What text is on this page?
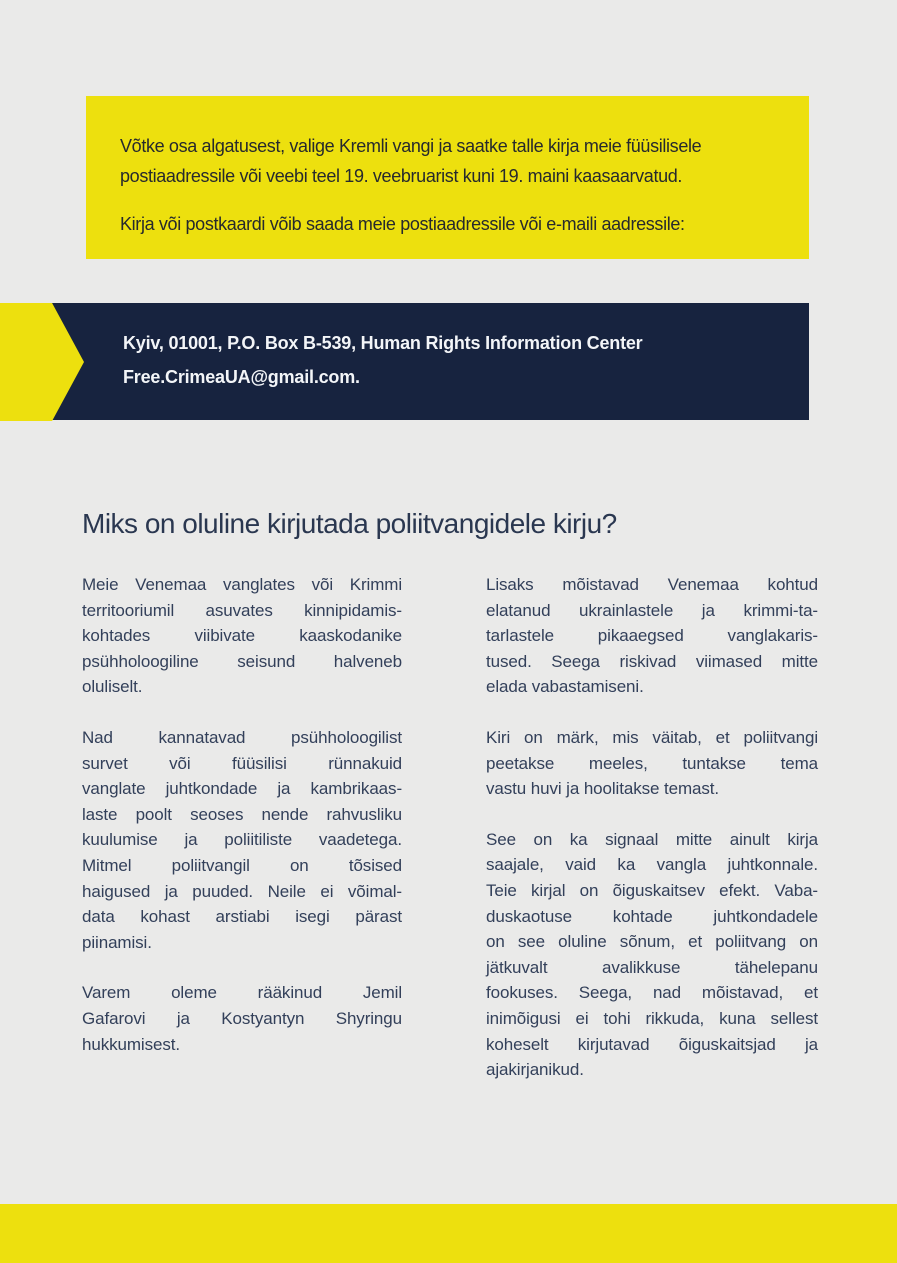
Võtke osa algatusest, valige Kremli vangi ja saatke talle kirja meie füüsilisele
postiaadressile või veebi teel 19. veebruarist kuni 19. maini kaasaarvatud.
Kirja või postkaardi võib saada meie postiaadressile või e-maili aadressile:
Kyiv, 01001, P.O. Box B-539, Human Rights Information Center
Free.CrimeaUA@gmail.com.
Miks on oluline kirjutada poliitvangidele kirju?
Meie Venemaa vanglates või Krimmi
territooriumil asuvates kinnipidamis-
kohtades viibivate kaaskodanike
psühholoogiline seisund halveneb
oluliselt.
Nad kannatavad psühholoogilist
survet või füüsilisi rünnakuid
vanglate juhtkondade ja kambrikaas-
laste poolt seoses nende rahvusliku
kuulumise ja poliitiliste vaadetega.
Mitmel poliitvangil on tõsised
haigused ja puuded. Neile ei võimal-
data kohast arstiabi isegi pärast
piinamisi.
Varem oleme rääkinud Jemil
Gafarovi ja Kostyantyn Shyringu
hukkumisest.
Lisaks mõistavad Venemaa kohtud
elatanud ukrainlastele ja krimmi-ta-
tarlastele pikaaegsed vanglakaris-
tused. Seega riskivad viimased mitte
elada vabastamiseni.
Kiri on märk, mis väitab, et poliitvangi
peetakse meeles, tuntakse tema
vastu huvi ja hoolitakse temast.
See on ka signaal mitte ainult kirja
saajale, vaid ka vangla juhtkonnale.
Teie kirjal on õiguskaitsev efekt. Vaba-
duskaotuse kohtade juhtkondadele
on see oluline sõnum, et poliitvang on
jätkuvalt avalikkuse tähelepanu
fookuses. Seega, nad mõistavad, et
inimõigusi ei tohi rikkuda, kuna sellest
koheselt kirjutavad õiguskaitsjad ja
ajakirjanikud.
